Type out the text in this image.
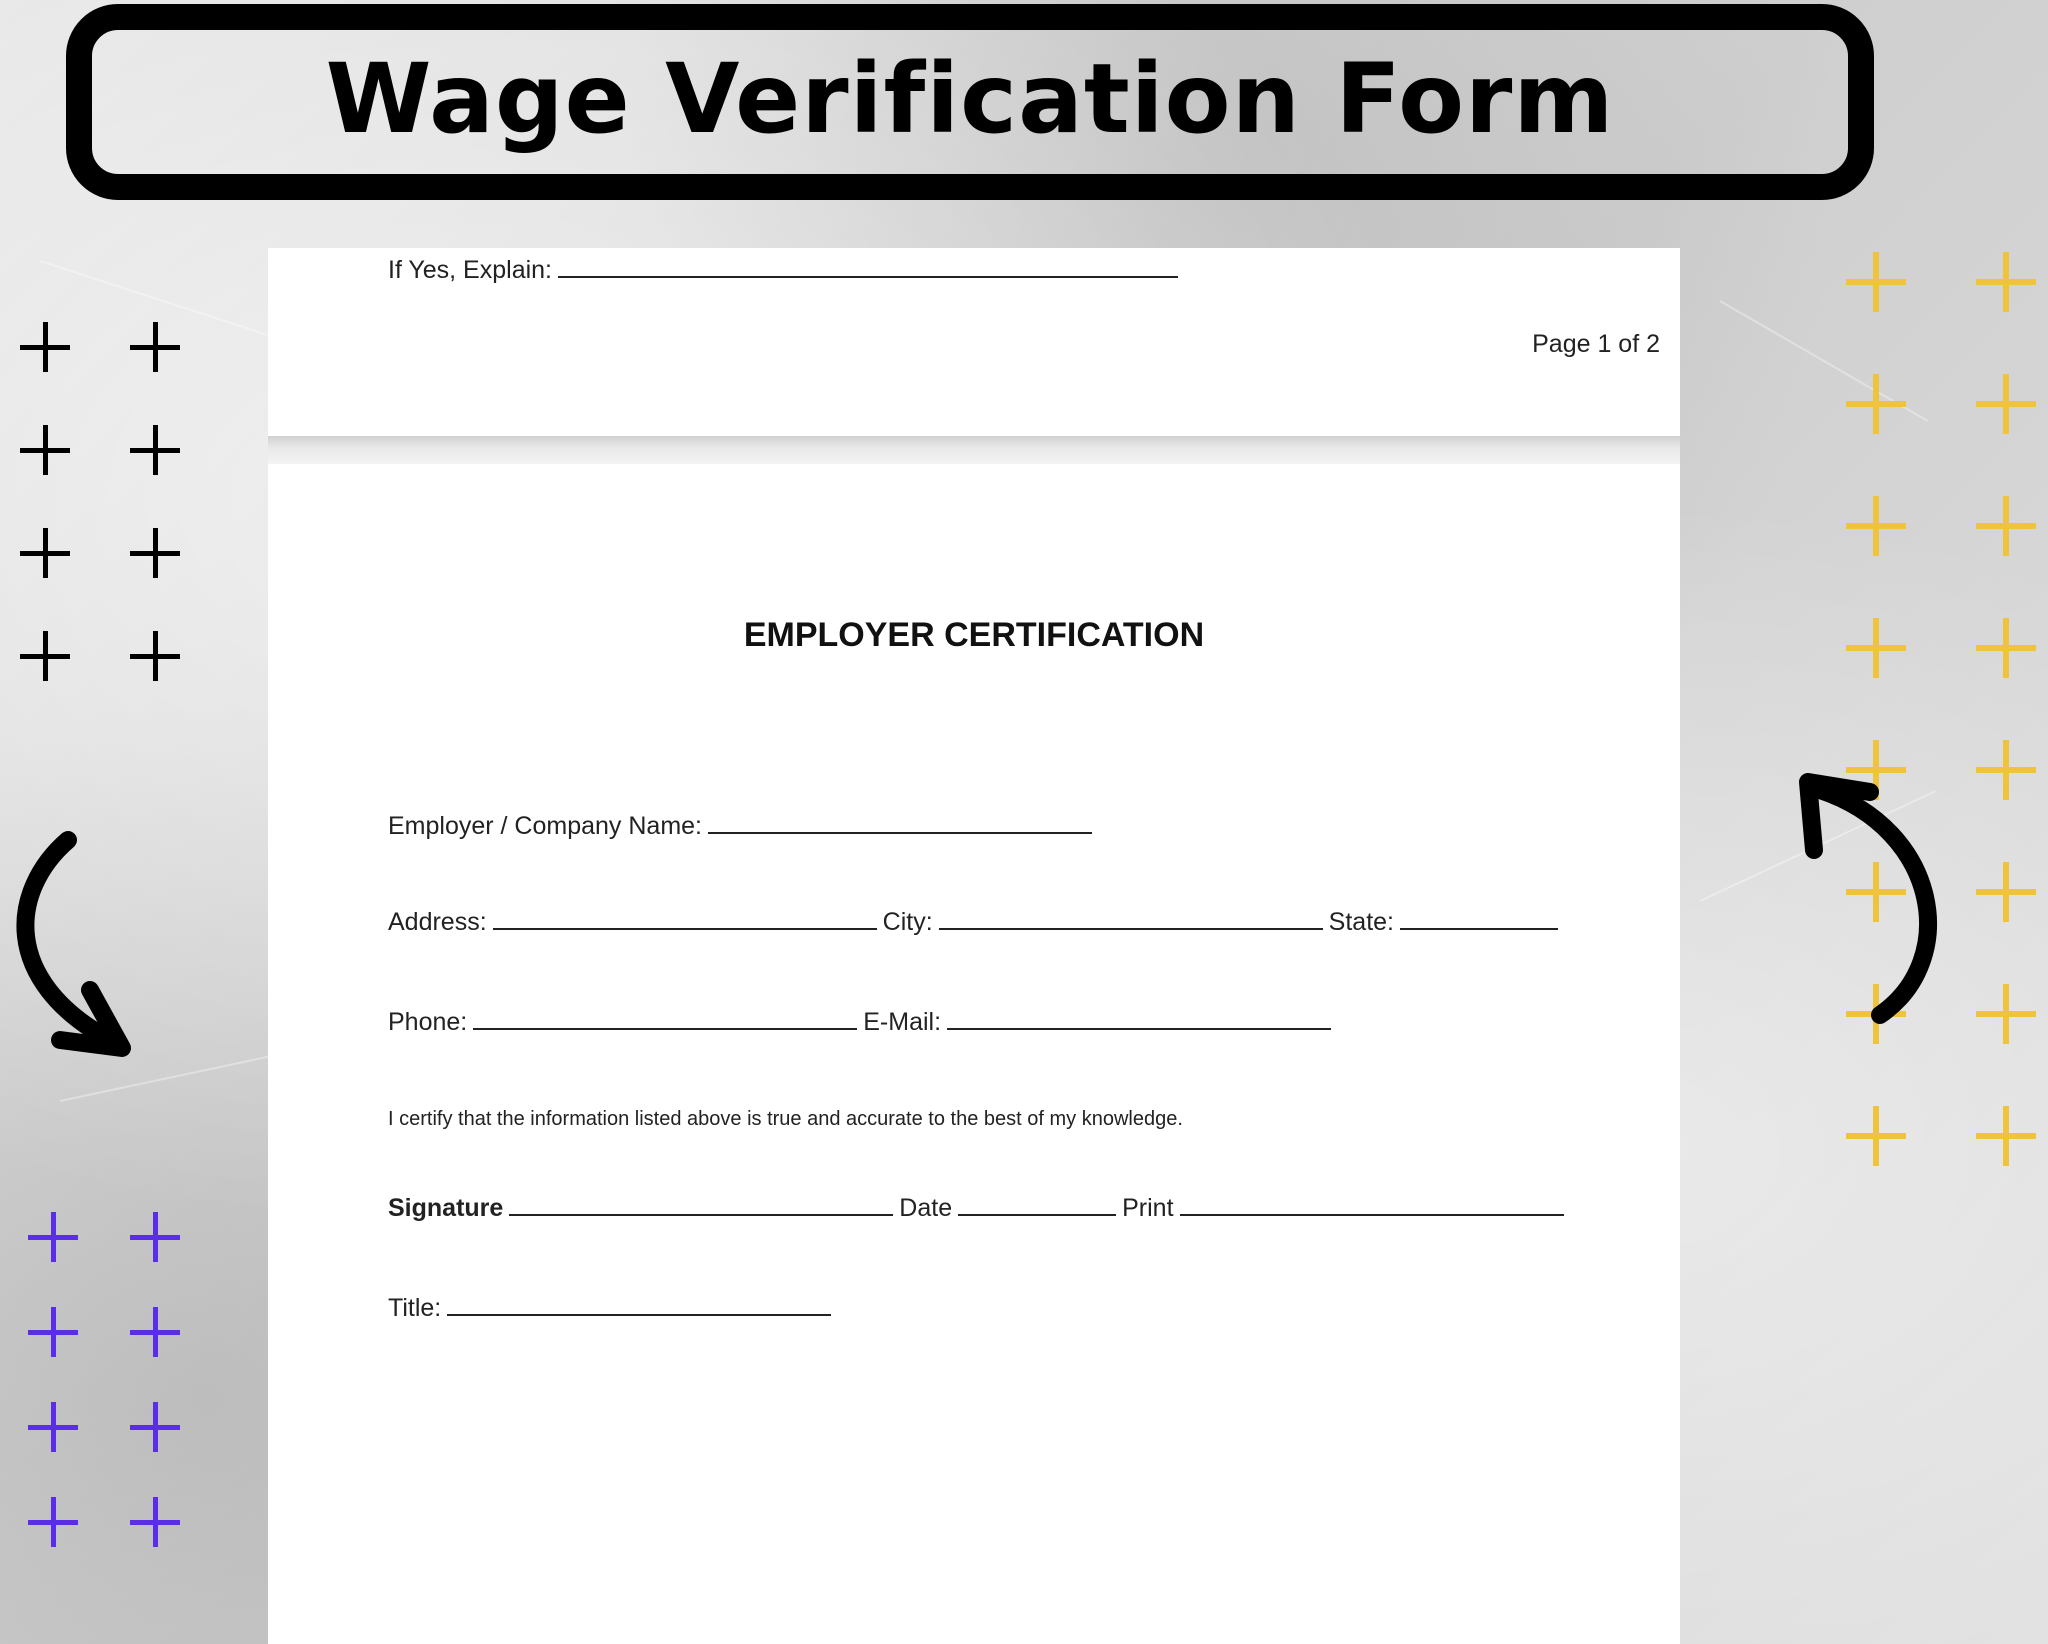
Wage Verification Form
If Yes, Explain:
Page 1 of 2
EMPLOYER CERTIFICATION
Employer / Company Name:
Address:	City:	State:
Phone:	E-Mail:
I certify that the information listed above is true and accurate to the best of my knowledge.
Signature	Date	Print
Title:
